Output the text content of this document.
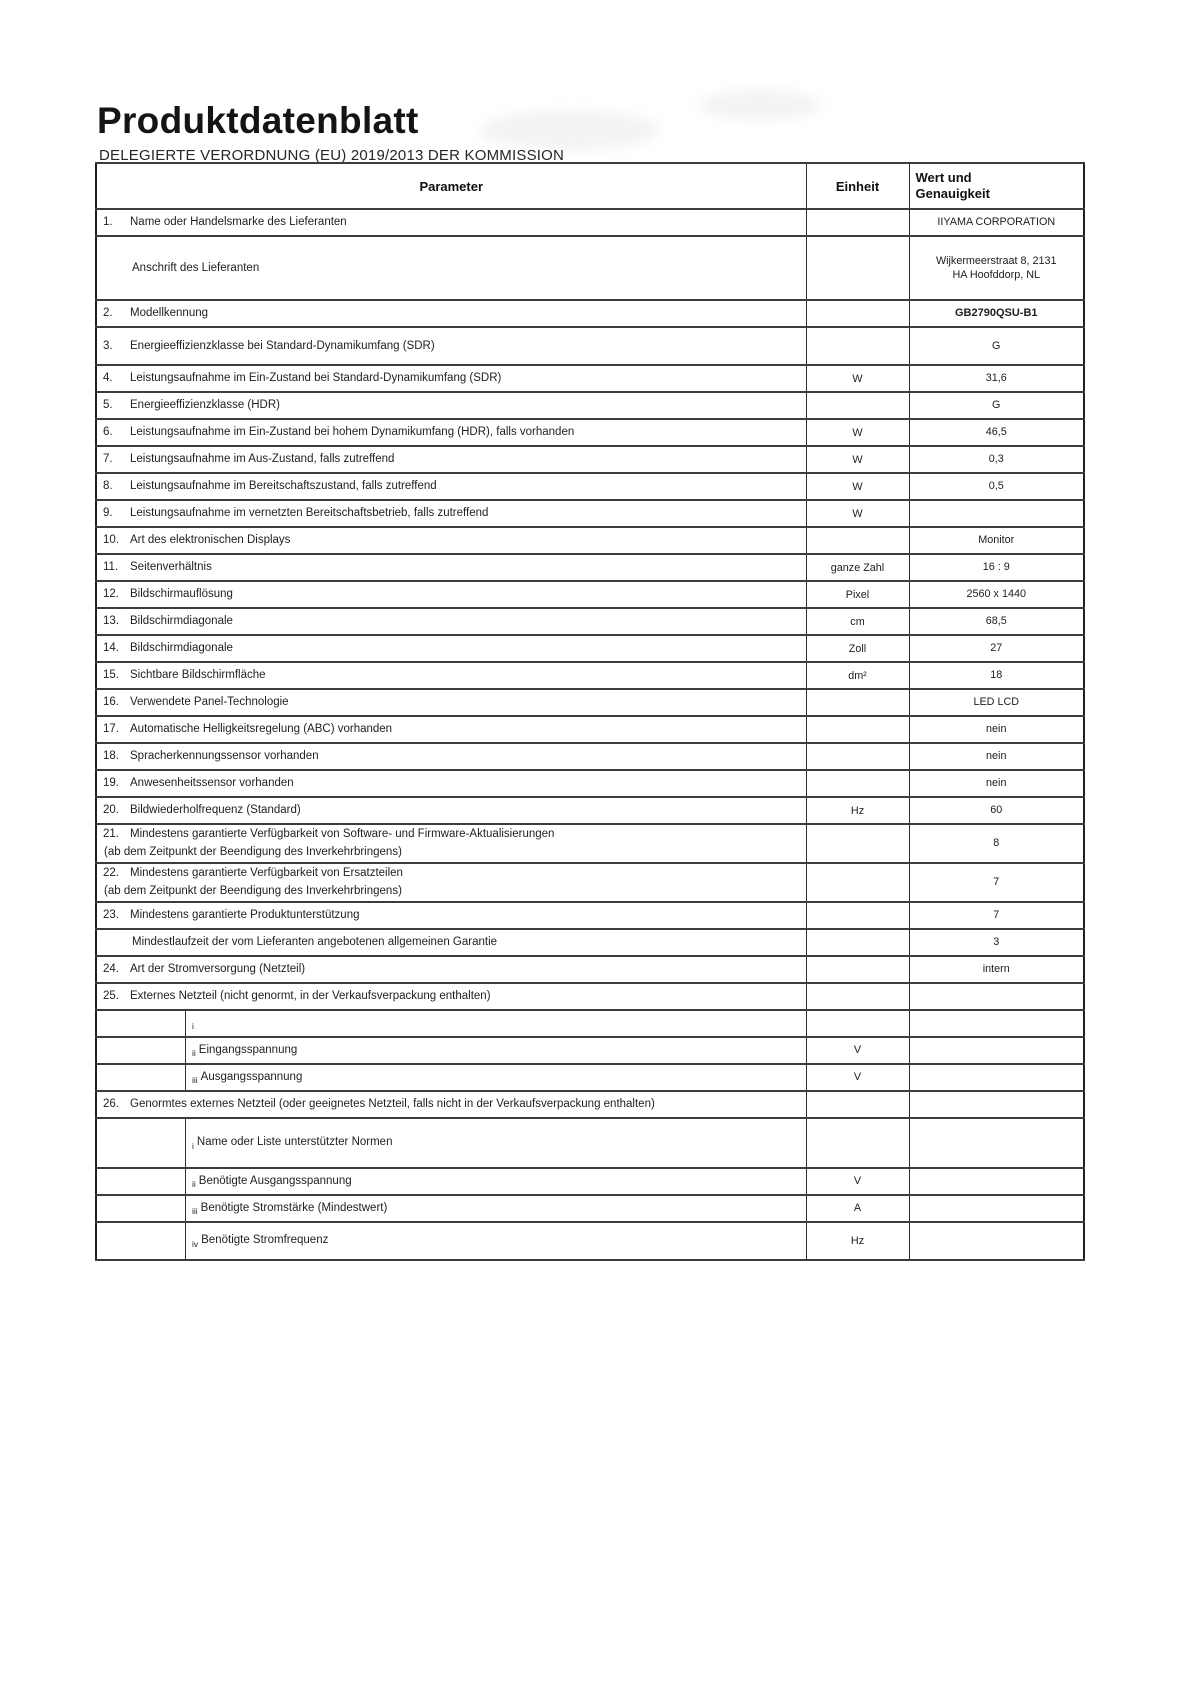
Produktdatenblatt
DELEGIERTE VERORDNUNG (EU) 2019/2013 DER KOMMISSION
Parameter	Einheit	Wert und Genauigkeit

1. Name oder Handelsmarke des Lieferanten		IIYAMA CORPORATION

Anschrift des Lieferanten		Wijkermeerstraat 8, 2131
HA Hoofddorp, NL

2. Modellkennung		GB2790QSU-B1

3. Energieeffizienzklasse bei Standard-Dynamikumfang (SDR)		G

4. Leistungsaufnahme im Ein-Zustand bei Standard-Dynamikumfang (SDR)	W	31,6

5. Energieeffizienzklasse (HDR)		G

6. Leistungsaufnahme im Ein-Zustand bei hohem Dynamikumfang (HDR), falls vorhanden	W	46,5

7. Leistungsaufnahme im Aus-Zustand, falls zutreffend	W	0,3

8. Leistungsaufnahme im Bereitschaftszustand, falls zutreffend	W	0,5

9. Leistungsaufnahme im vernetzten Bereitschaftsbetrieb, falls zutreffend	W	

10. Art des elektronischen Displays		Monitor

11. Seitenverhältnis	ganze Zahl	16 : 9

12. Bildschirmauflösung	Pixel	2560 x 1440

13. Bildschirmdiagonale	cm	68,5

14. Bildschirmdiagonale	Zoll	27

15. Sichtbare Bildschirmfläche	dm²	18

16. Verwendete Panel-Technologie		LED LCD

17. Automatische Helligkeitsregelung (ABC) vorhanden		nein

18. Spracherkennungssensor vorhanden		nein

19. Anwesenheitssensor vorhanden		nein

20. Bildwiederholfrequenz (Standard)	Hz	60

21. Mindestens garantierte Verfügbarkeit von Software- und Firmware-Aktualisierungen
(ab dem Zeitpunkt der Beendigung des Inverkehrbringens)		8

22. Mindestens garantierte Verfügbarkeit von Ersatzteilen
(ab dem Zeitpunkt der Beendigung des Inverkehrbringens)		7

23. Mindestens garantierte Produktunterstützung		7

Mindestlaufzeit der vom Lieferanten angebotenen allgemeinen Garantie		3

24. Art der Stromversorgung (Netzteil)		intern

25. Externes Netzteil (nicht genormt, in der Verkaufsverpackung enthalten)		

i		

ii Eingangsspannung	V	

iii Ausgangsspannung	V	

26. Genormtes externes Netzteil (oder geeignetes Netzteil, falls nicht in der Verkaufsverpackung enthalten)		

i Name oder Liste unterstützter Normen		

ii Benötigte Ausgangsspannung	V	

iii Benötigte Stromstärke (Mindestwert)	A	

iv Benötigte Stromfrequenz	Hz	
